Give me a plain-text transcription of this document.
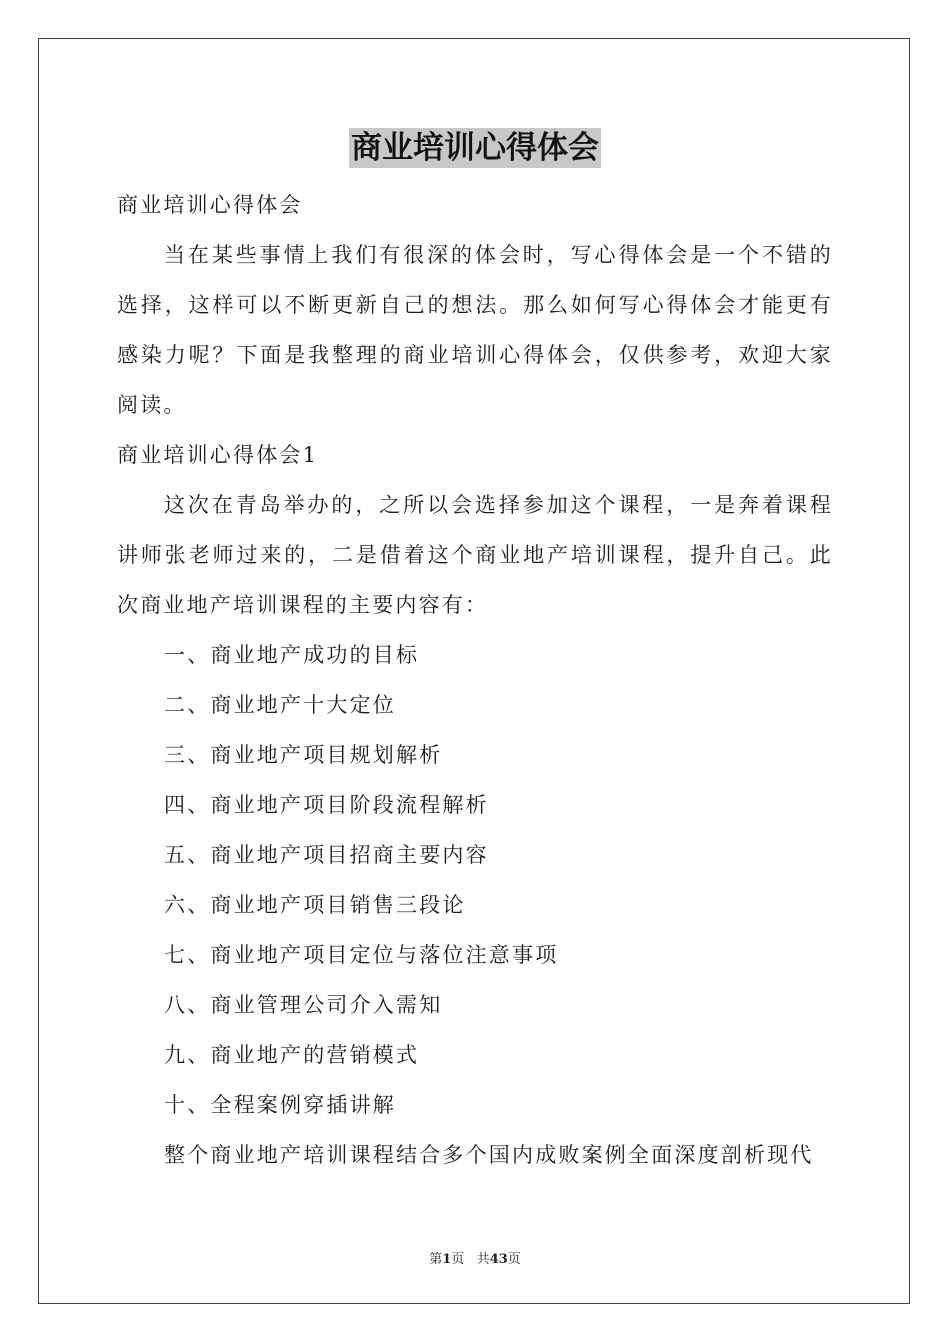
商业培训心得体会

商业培训心得体会

当在某些事情上我们有很深的体会时，写心得体会是一个不错的选择，这样可以不断更新自己的想法。那么如何写心得体会才能更有感染力呢？下面是我整理的商业培训心得体会，仅供参考，欢迎大家阅读。

商业培训心得体会1

这次在青岛举办的，之所以会选择参加这个课程，一是奔着课程讲师张老师过来的，二是借着这个商业地产培训课程，提升自己。此次商业地产培训课程的主要内容有：

一、商业地产成功的目标

二、商业地产十大定位

三、商业地产项目规划解析

四、商业地产项目阶段流程解析

五、商业地产项目招商主要内容

六、商业地产项目销售三段论

七、商业地产项目定位与落位注意事项

八、商业管理公司介入需知

九、商业地产的营销模式

十、全程案例穿插讲解

整个商业地产培训课程结合多个国内成败案例全面深度剖析现代

第1页 共43页
